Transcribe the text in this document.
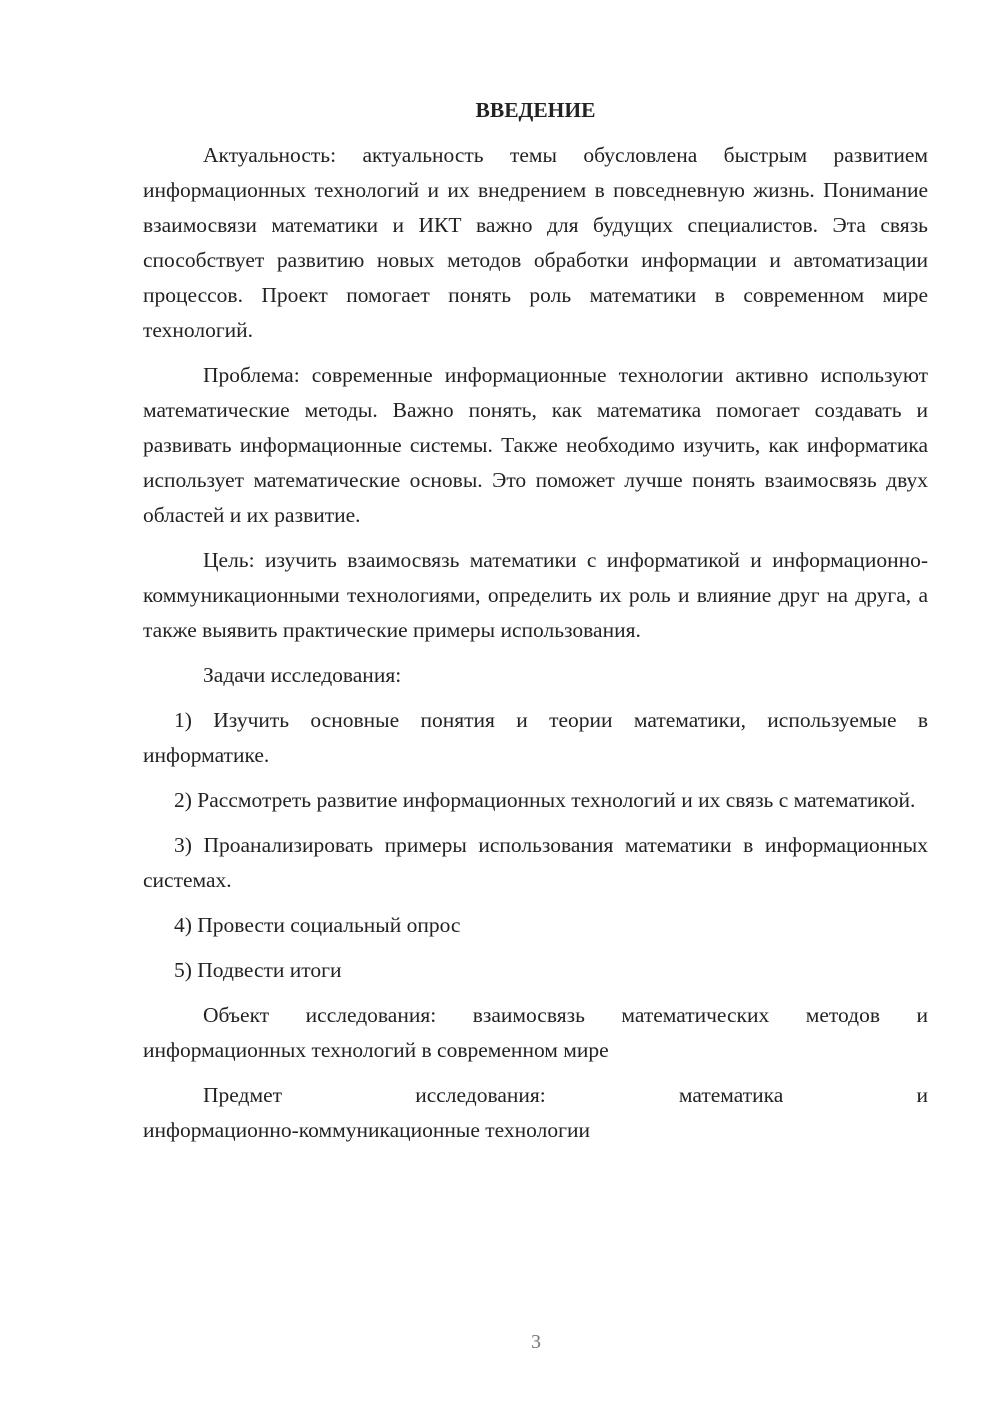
ВВЕДЕНИЕ

Актуальность: актуальность темы обусловлена быстрым развитием информационных технологий и их внедрением в повседневную жизнь. Понимание взаимосвязи математики и ИКТ важно для будущих специалистов. Эта связь способствует развитию новых методов обработки информации и автоматизации процессов. Проект помогает понять роль математики в современном мире технологий.

Проблема: современные информационные технологии активно используют математические методы. Важно понять, как математика помогает создавать и развивать информационные системы. Также необходимо изучить, как информатика использует математические основы. Это поможет лучше понять взаимосвязь двух областей и их развитие.

Цель: изучить взаимосвязь математики с информатикой и информационно-коммуникационными технологиями, определить их роль и влияние друг на друга, а также выявить практические примеры использования.

Задачи исследования:

1) Изучить основные понятия и теории математики, используемые в информатике.

2) Рассмотреть развитие информационных технологий и их связь с математикой.

3) Проанализировать примеры использования математики в информационных системах.

4) Провести социальный опрос

5) Подвести итоги

Объект исследования: взаимосвязь математических методов и информационных технологий в современном мире

Предмет исследования: математика и

информационно-коммуникационные технологии

3
